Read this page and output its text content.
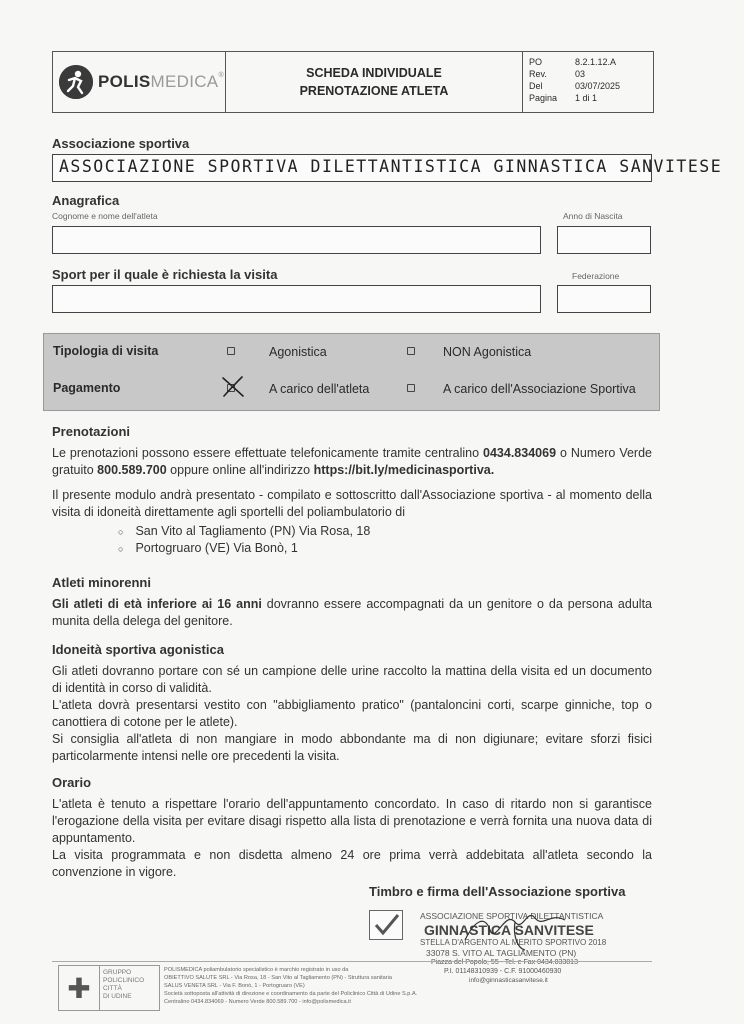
POLISMEDICA®	SCHEDA INDIVIDUALE
PRENOTAZIONE ATLETA
PO	8.2.1.12.A
Rev.	03
Del	03/07/2025
Pagina	1 di 1
Associazione sportiva
ASSOCIAZIONE SPORTIVA DILETTANTISTICA GINNASTICA SANVITESE
Anagrafica
Cognome e nome dell'atleta	Anno di Nascita
Sport per il quale è richiesta la visita	Federazione
Tipologia di visita	Agonistica	NON Agonistica
Pagamento	A carico dell'atleta	A carico dell'Associazione Sportiva
Prenotazioni
Le prenotazioni possono essere effettuate telefonicamente tramite centralino 0434.834069 o Numero Verde gratuito 800.589.700 oppure online all'indirizzo https://bit.ly/medicinasportiva.
Il presente modulo andrà presentato - compilato e sottoscritto dall'Associazione sportiva - al momento della visita di idoneità direttamente agli sportelli del poliambulatorio di
○ San Vito al Tagliamento (PN) Via Rosa, 18
○ Portogruaro (VE) Via Bonò, 1
Atleti minorenni
Gli atleti di età inferiore ai 16 anni dovranno essere accompagnati da un genitore o da persona adulta munita della delega del genitore.
Idoneità sportiva agonistica
Gli atleti dovranno portare con sé un campione delle urine raccolto la mattina della visita ed un documento di identità in corso di validità.
L'atleta dovrà presentarsi vestito con "abbigliamento pratico" (pantaloncini corti, scarpe ginniche, top o canottiera di cotone per le atlete).
Si consiglia all'atleta di non mangiare in modo abbondante ma di non digiunare; evitare sforzi fisici particolarmente intensi nelle ore precedenti la visita.
Orario
L'atleta è tenuto a rispettare l'orario dell'appuntamento concordato. In caso di ritardo non si garantisce l'erogazione della visita per evitare disagi rispetto alla lista di prenotazione e verrà fornita una nuova data di appuntamento.
La visita programmata e non disdetta almeno 24 ore prima verrà addebitata all'atleta secondo la convenzione in vigore.
Timbro e firma dell'Associazione sportiva
ASSOCIAZIONE SPORTIVA DILETTANTISTICA
GINNASTICA SANVITESE
STELLA D'ARGENTO AL MERITO SPORTIVO 2018
33078 S. VITO AL TAGLIAMENTO (PN)
Piazza del Popolo, 55 - Tel. e Fax 0434.833813
P.I. 01148310939 - C.F. 91000460930
info@ginnasticasanvitese.it
✚	GRUPPO
POLICLINICO
CITTÀ
DI UDINE
POLISMEDICA poliambulatorio specialistico è marchio registrato in uso da
OBIETTIVO SALUTE SRL - Via Rosa, 18 - San Vito al Tagliamento (PN) - Struttura sanitaria
SALUS VENETA SRL - Via F. Bonò, 1 - Portogruaro (VE)
Società sottoposta all'attività di direzione e coordinamento da parte del Policlinico Città di Udine S.p.A.
Centralino 0434.834069 - Numero Verde 800.589.700 - info@polismedica.it
